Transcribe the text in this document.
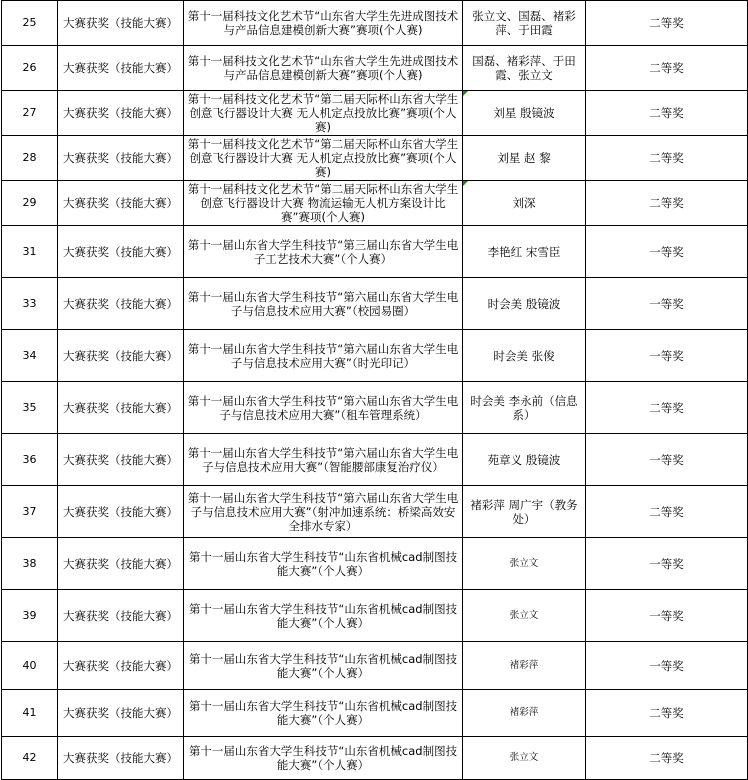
25	大赛获奖（技能大赛）	第十一届科技文化艺术节“山东省大学生先进成图技术与产品信息建模创新大赛”赛项(个人赛)	张立文、国磊、褚彩萍、于田霞	二等奖
26	大赛获奖（技能大赛）	第十一届科技文化艺术节“山东省大学生先进成图技术与产品信息建模创新大赛”赛项(个人赛)	国磊、褚彩萍、于田霞、张立文	二等奖
27	大赛获奖（技能大赛）	第十一届科技文化艺术节“第二届天际杯山东省大学生创意飞行器设计大赛 无人机定点投放比赛”赛项(个人赛)	刘星 殷镜波	二等奖
28	大赛获奖（技能大赛）	第十一届科技文化艺术节“第二届天际杯山东省大学生创意飞行器设计大赛 无人机定点投放比赛”赛项(个人赛)	刘星 赵 黎	二等奖
29	大赛获奖（技能大赛）	第十一届科技文化艺术节“第二届天际杯山东省大学生创意飞行器设计大赛 物流运输无人机方案设计比赛”赛项(个人赛)	刘深	二等奖
31	大赛获奖（技能大赛）	第十一届山东省大学生科技节“第三届山东省大学生电子工艺技术大赛”（个人赛）	李艳红 宋雪臣	一等奖
33	大赛获奖（技能大赛）	第十一届山东省大学生科技节“第六届山东省大学生电子与信息技术应用大赛”（校园易圈）	时会美 殷镜波	一等奖
34	大赛获奖（技能大赛）	第十一届山东省大学生科技节“第六届山东省大学生电子与信息技术应用大赛”（时光印记）	时会美 张俊	一等奖
35	大赛获奖（技能大赛）	第十一届山东省大学生科技节“第六届山东省大学生电子与信息技术应用大赛”（租车管理系统）	时会美 李永前（信息系）	二等奖
36	大赛获奖（技能大赛）	第十一届山东省大学生科技节“第六届山东省大学生电子与信息技术应用大赛”（智能腰部康复治疗仪）	苑章义 殷镜波	一等奖
37	大赛获奖（技能大赛）	第十一届山东省大学生科技节“第六届山东省大学生电子与信息技术应用大赛”（射冲加速系统：桥梁高效安全排水专家）	褚彩萍 周广宇（教务处）	二等奖
38	大赛获奖（技能大赛）	第十一届山东省大学生科技节“山东省机械cad制图技能大赛”（个人赛）	张立文	一等奖
39	大赛获奖（技能大赛）	第十一届山东省大学生科技节“山东省机械cad制图技能大赛”（个人赛）	张立文	一等奖
40	大赛获奖（技能大赛）	第十一届山东省大学生科技节“山东省机械cad制图技能大赛”（个人赛）	褚彩萍	一等奖
41	大赛获奖（技能大赛）	第十一届山东省大学生科技节“山东省机械cad制图技能大赛”（个人赛）	褚彩萍	二等奖
42	大赛获奖（技能大赛）	第十一届山东省大学生科技节“山东省机械cad制图技能大赛”（个人赛）	张立文	二等奖
